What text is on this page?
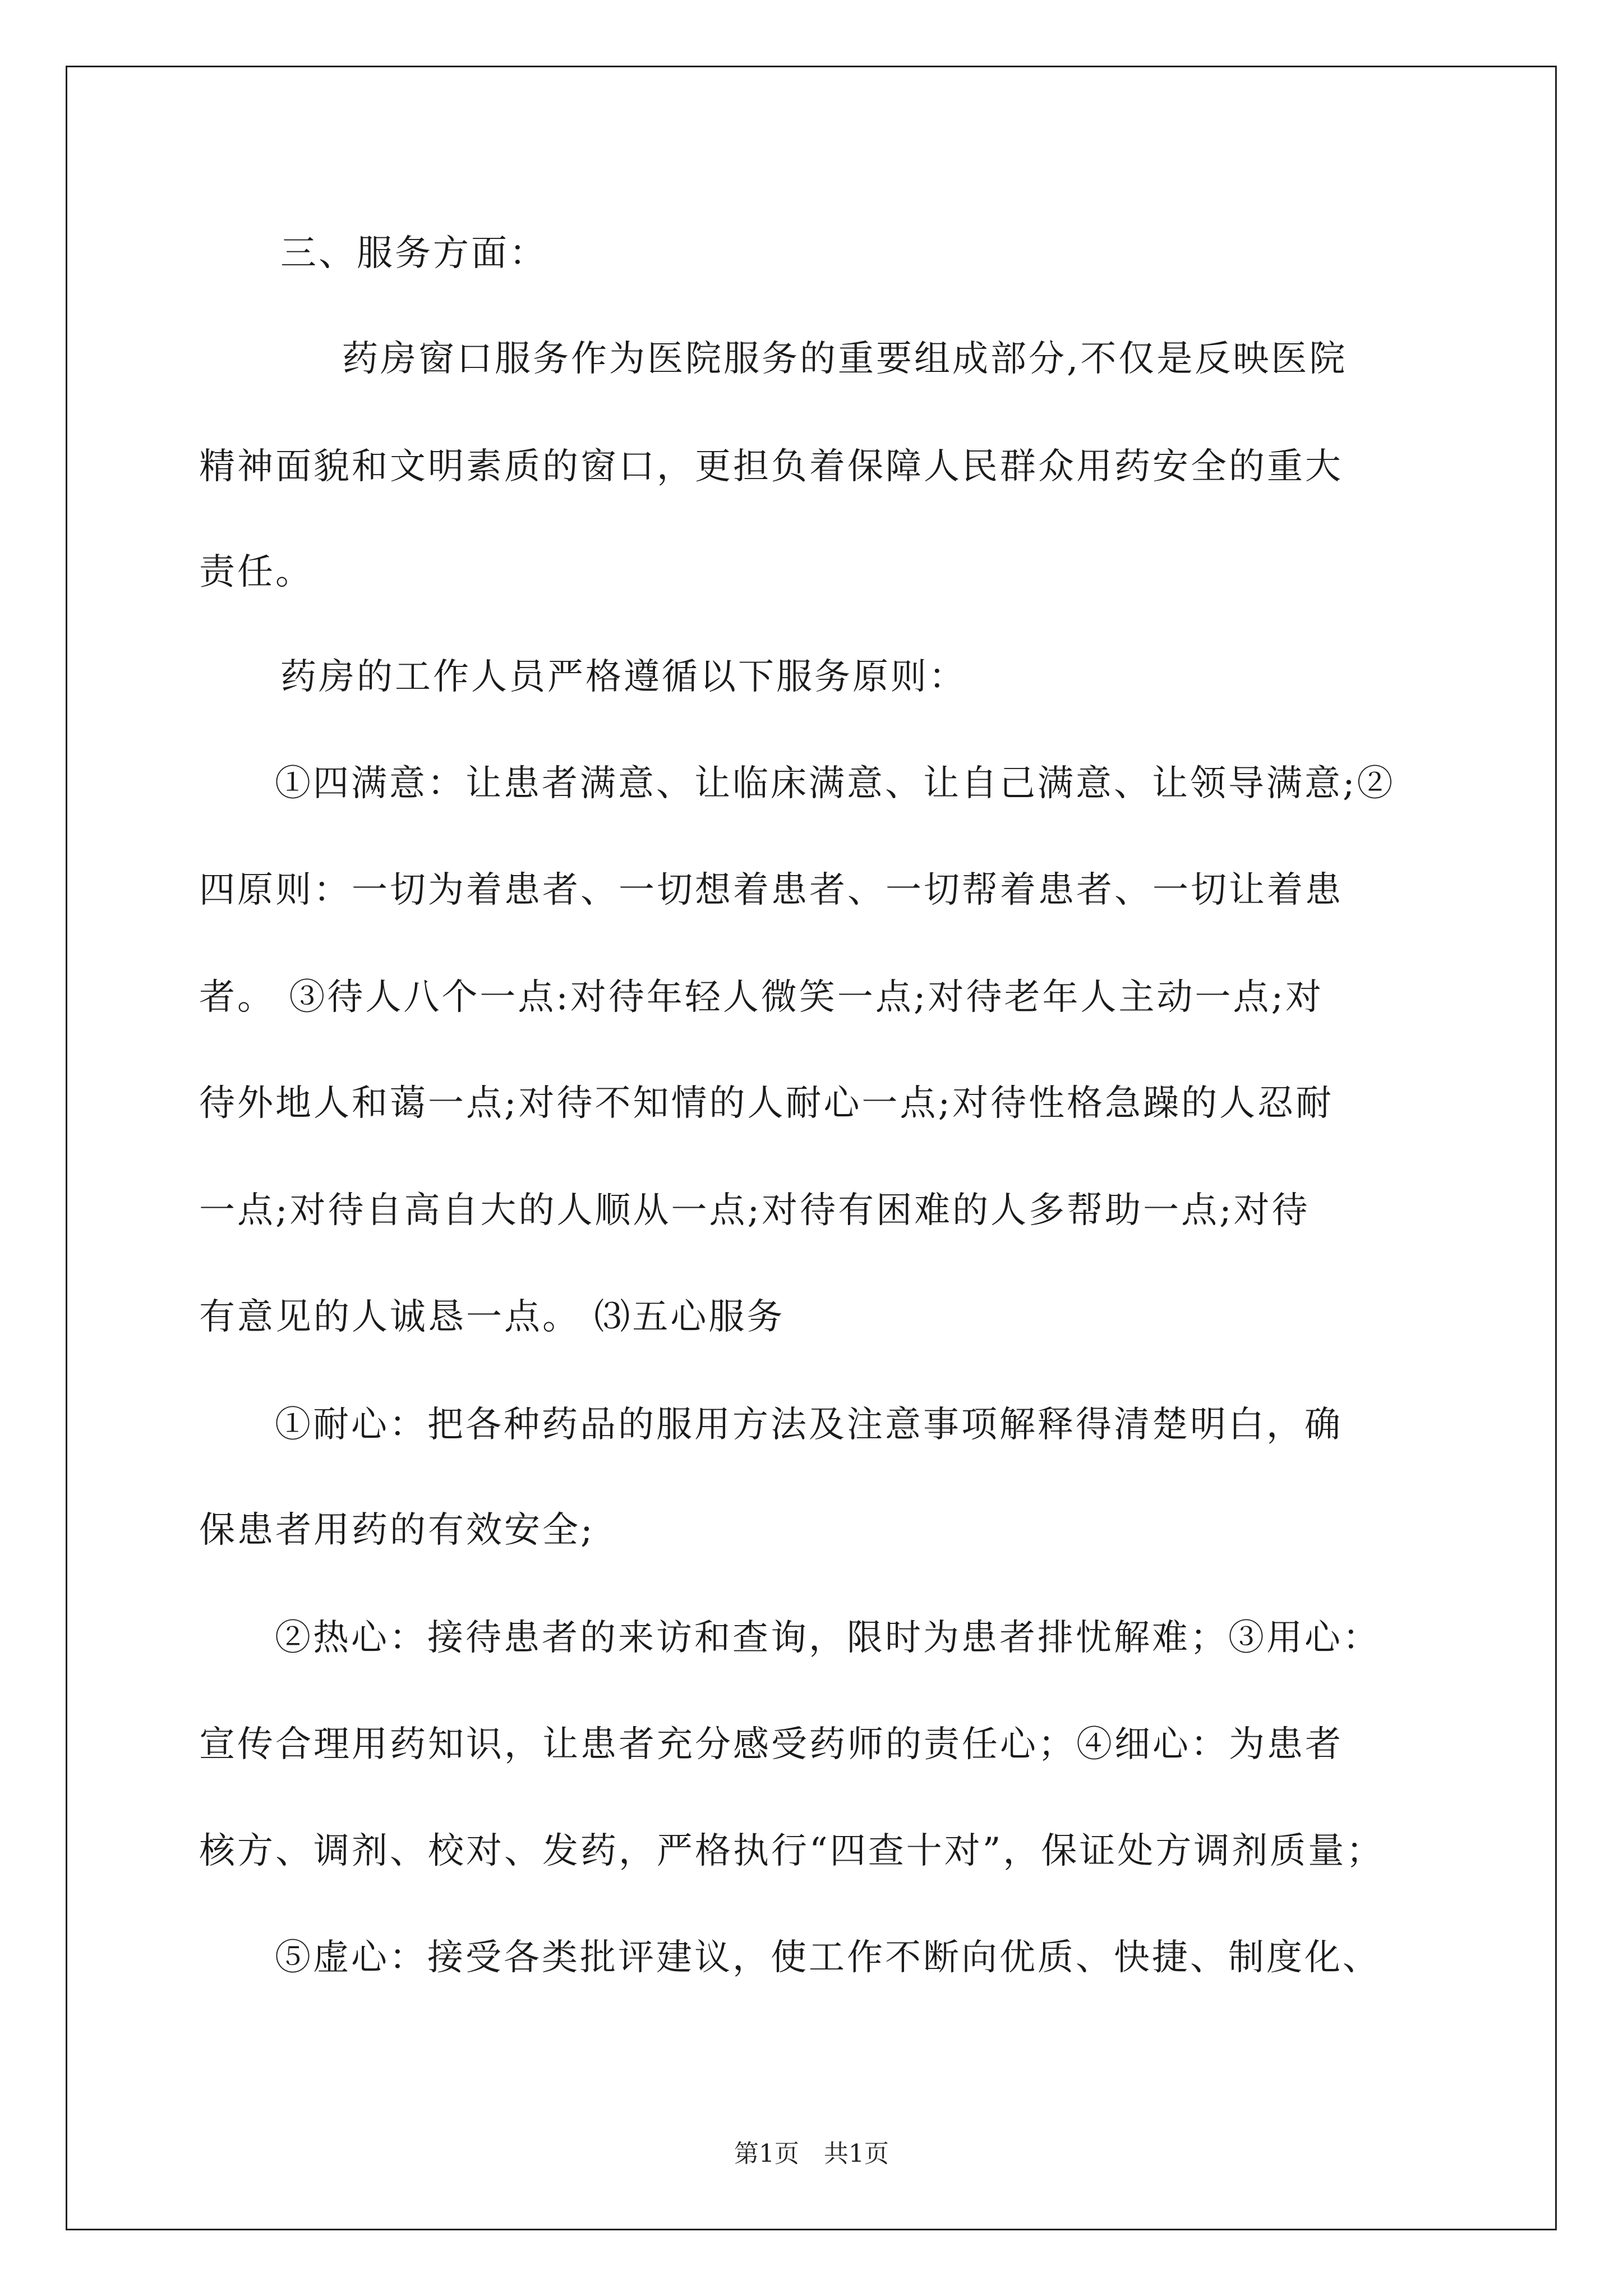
三、服务方面：
药房窗口服务作为医院服务的重要组成部分,不仅是反映医院
精神面貌和文明素质的窗口，更担负着保障人民群众用药安全的重大
责任。
药房的工作人员严格遵循以下服务原则：
①四满意：让患者满意、让临床满意、让自己满意、让领导满意;②
四原则：一切为着患者、一切想着患者、一切帮着患者、一切让着患
者。 ③待人八个一点:对待年轻人微笑一点;对待老年人主动一点;对
待外地人和蔼一点;对待不知情的人耐心一点;对待性格急躁的人忍耐
一点;对待自高自大的人顺从一点;对待有困难的人多帮助一点;对待
有意见的人诚恳一点。 ⑶五心服务
①耐心：把各种药品的服用方法及注意事项解释得清楚明白，确
保患者用药的有效安全;
②热心：接待患者的来访和查询，限时为患者排忧解难；③用心：
宣传合理用药知识，让患者充分感受药师的责任心；④细心：为患者
核方、调剂、校对、发药，严格执行“四查十对”，保证处方调剂质量；
⑤虚心：接受各类批评建议，使工作不断向优质、快捷、制度化、
第1页　共1页
